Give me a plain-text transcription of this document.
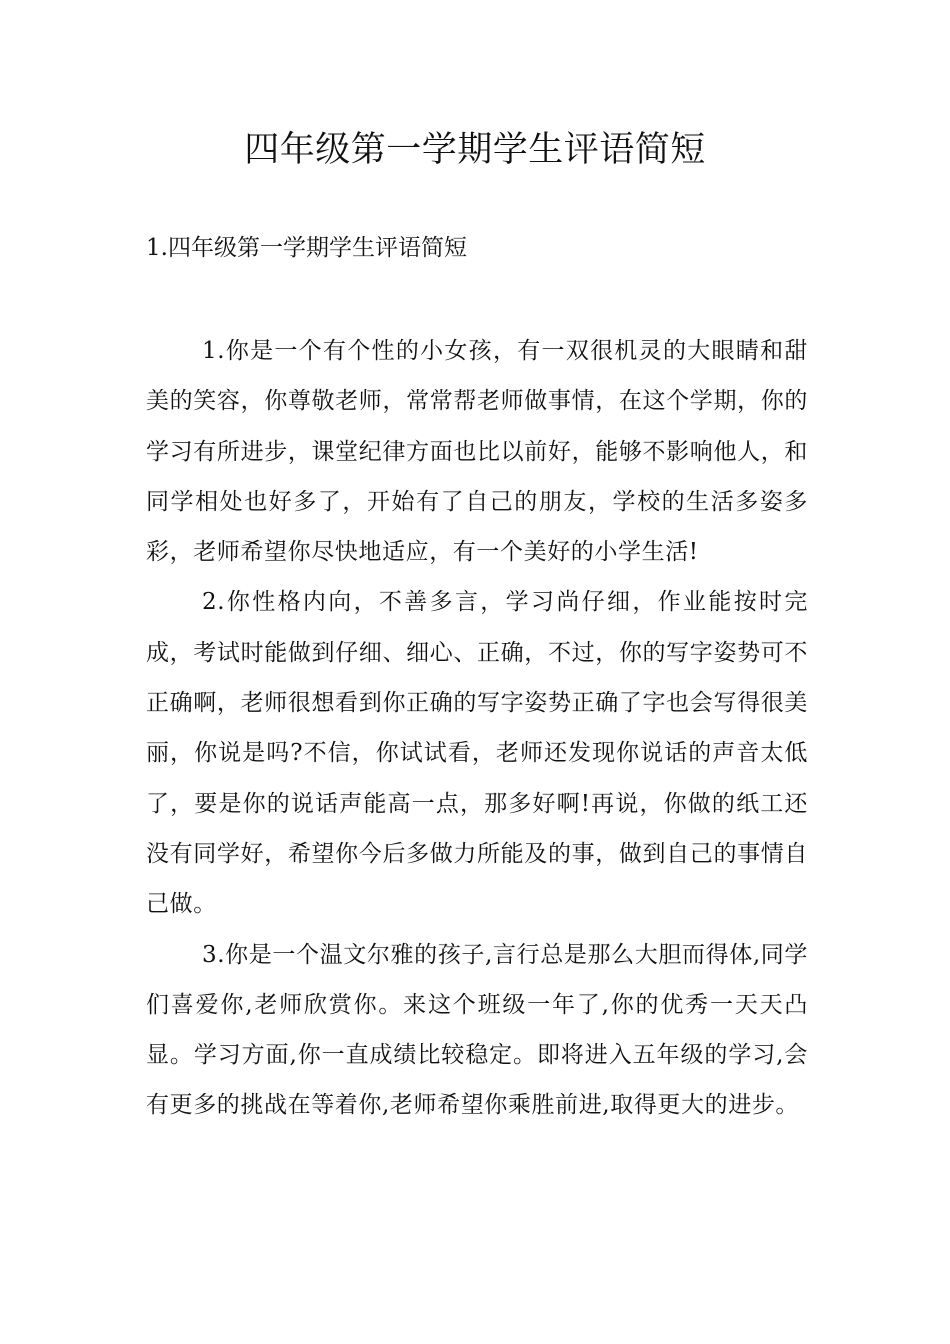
四年级第一学期学生评语简短

1.四年级第一学期学生评语简短

1.你是一个有个性的小女孩，有一双很机灵的大眼睛和甜美的笑容，你尊敬老师，常常帮老师做事情，在这个学期，你的学习有所进步，课堂纪律方面也比以前好，能够不影响他人，和同学相处也好多了，开始有了自己的朋友，学校的生活多姿多彩，老师希望你尽快地适应，有一个美好的小学生活!

2.你性格内向，不善多言，学习尚仔细，作业能按时完成，考试时能做到仔细、细心、正确，不过，你的写字姿势可不正确啊，老师很想看到你正确的写字姿势正确了字也会写得很美丽，你说是吗?不信，你试试看，老师还发现你说话的声音太低了，要是你的说话声能高一点，那多好啊!再说，你做的纸工还没有同学好，希望你今后多做力所能及的事，做到自己的事情自己做。

3.你是一个温文尔雅的孩子,言行总是那么大胆而得体,同学们喜爱你,老师欣赏你。来这个班级一年了,你的优秀一天天凸显。学习方面,你一直成绩比较稳定。即将进入五年级的学习,会有更多的挑战在等着你,老师希望你乘胜前进,取得更大的进步。
